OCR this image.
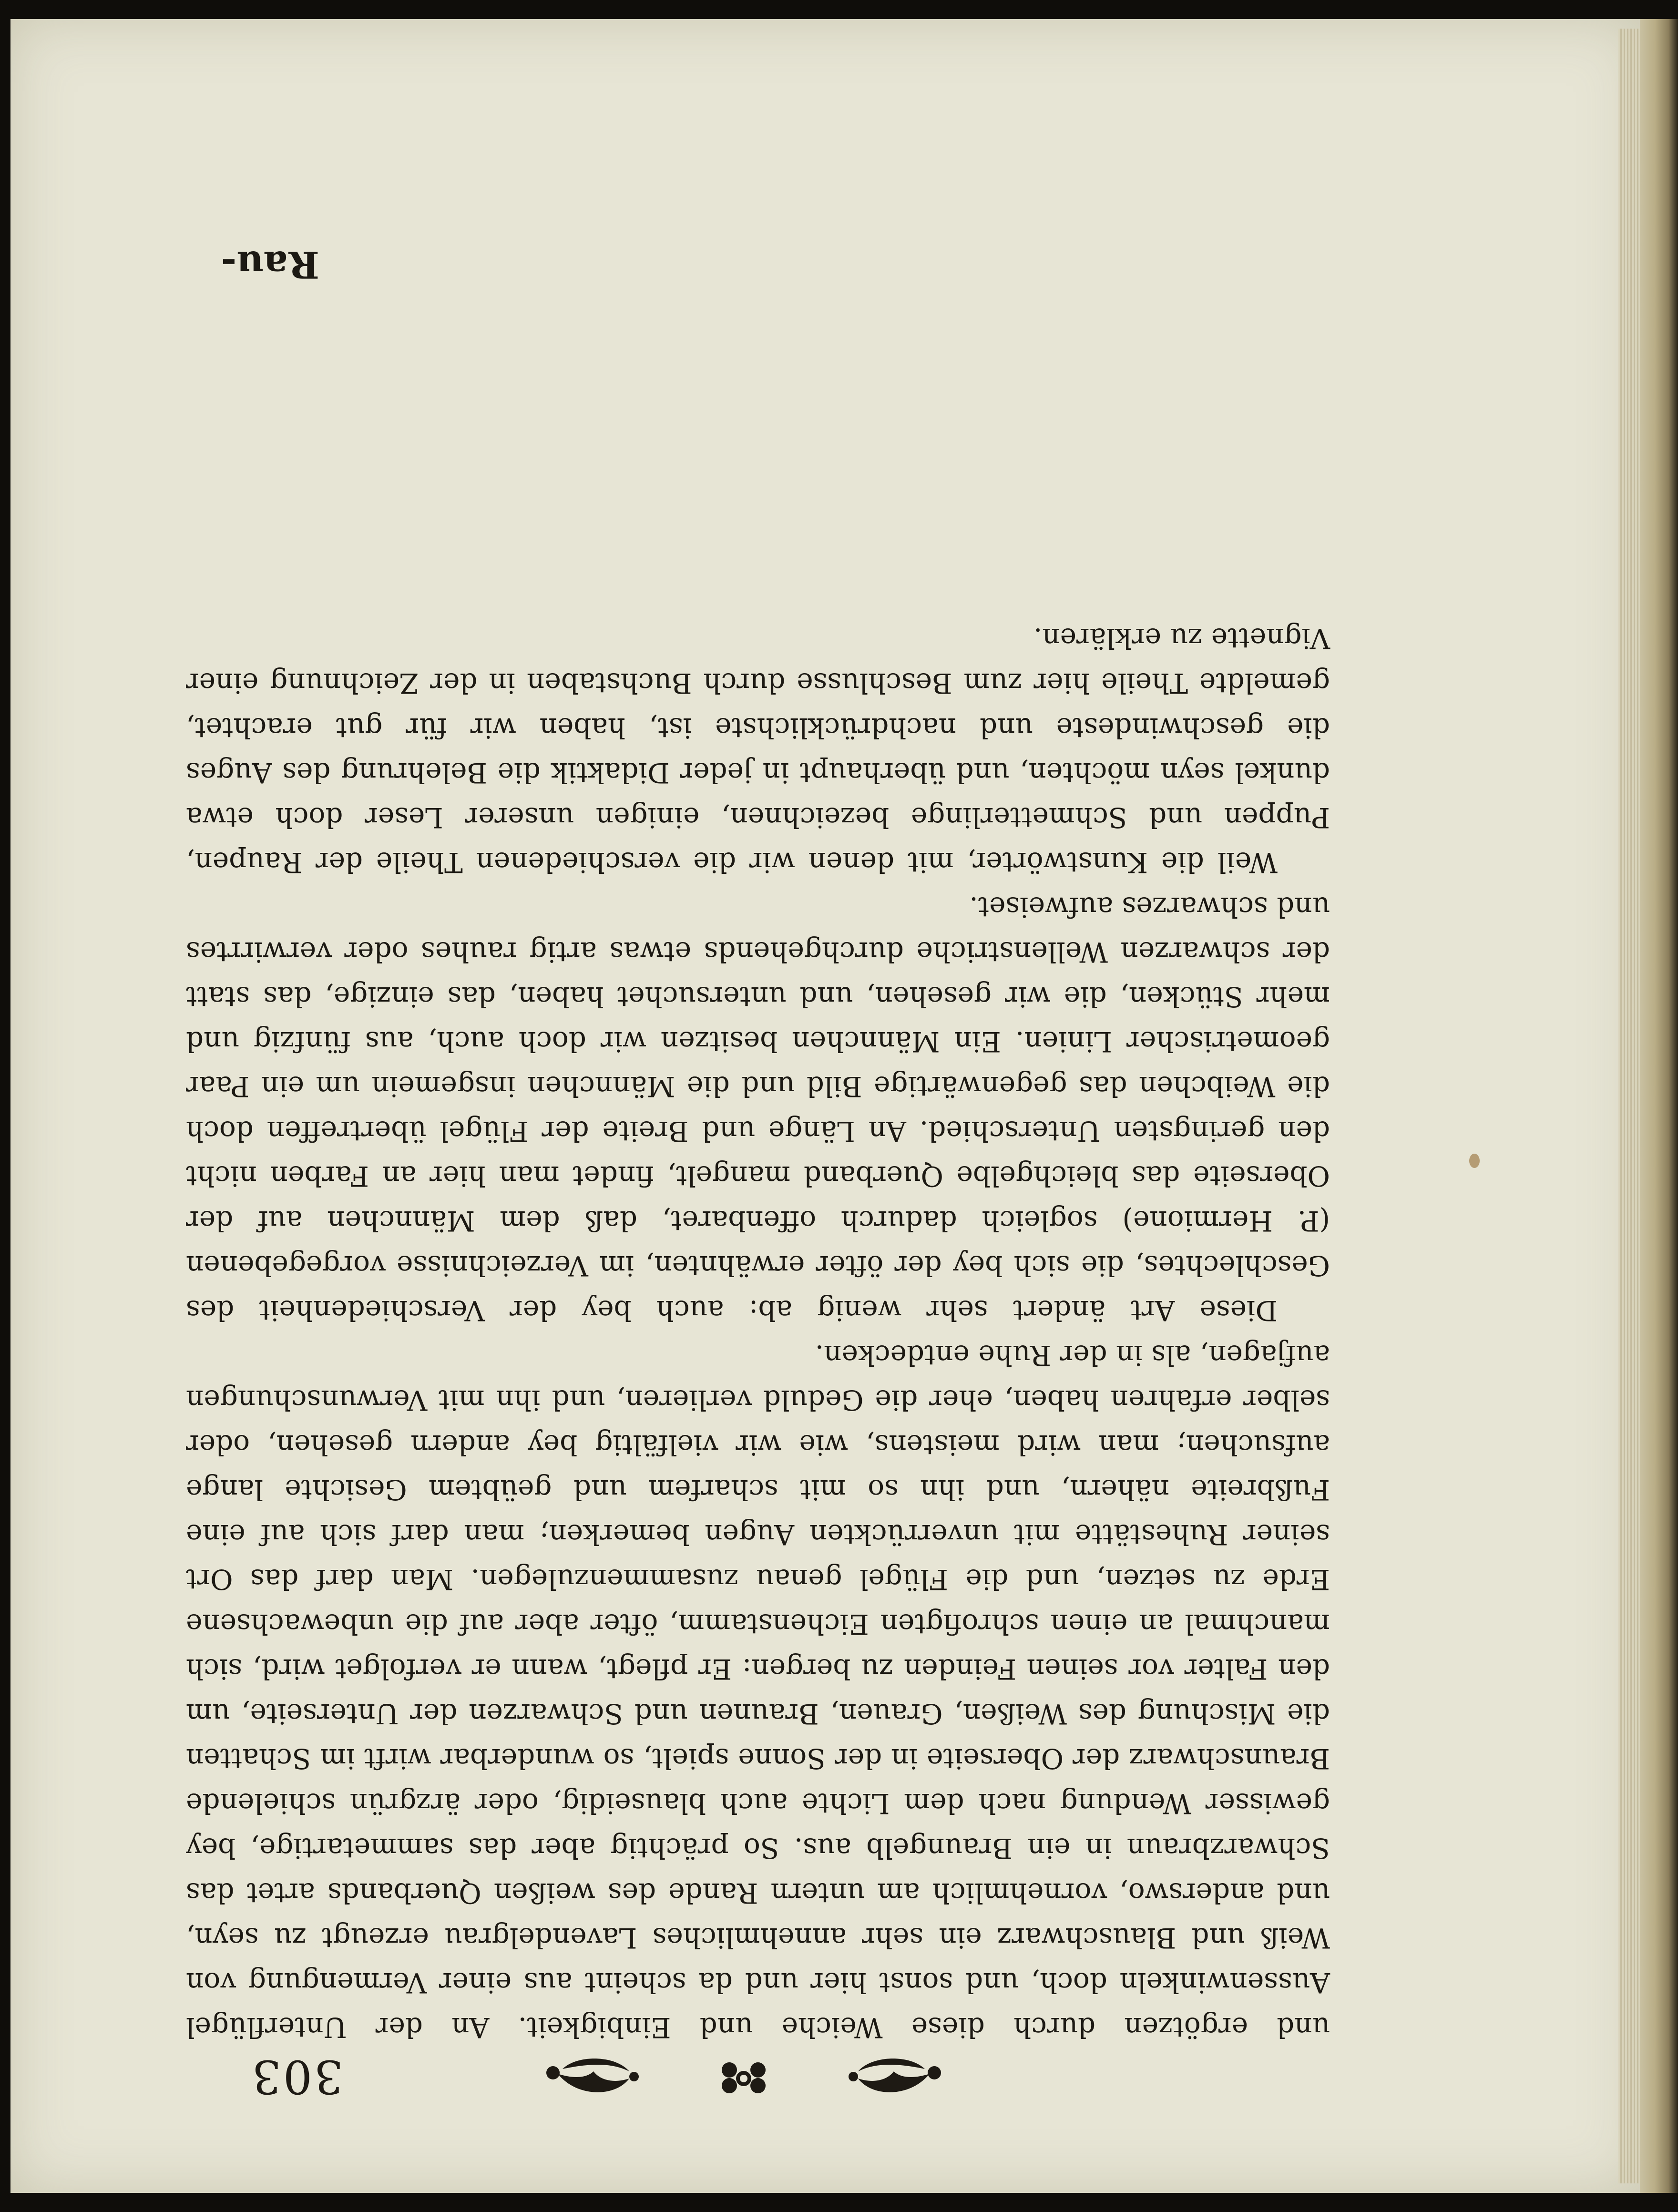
303

und ergötzen durch diese Weiche und Einbigkeit. An der Unterflügel Aussenwinkeln doch, und sonst hier und da scheint aus einer Vermengung von Weiß und Blauschwarz ein sehr annehmliches Lavendelgrau erzeugt zu seyn, und anderswo, vornehmlich am untern Rande des weißen Querbands artet das Schwarzbraun in ein Braungelb aus. So prächtig aber das sammetartige, bey gewisser Wendung nach dem Lichte auch blauseidig, oder ärzgrün schielende Braunschwarz der Oberseite in der Sonne spielt, so wunderbar wirft im Schatten die Mischung des Weißen, Grauen, Braunen und Schwarzen der Unterseite, um den Falter vor seinen Feinden zu bergen: Er pflegt, wann er verfolget wird, sich manchmal an einen schrofigten Eichenstamm, öfter aber auf die unbewachsene Erde zu setzen, und die Flügel genau zusammenzulegen. Man darf das Ort seiner Ruhestätte mit unverrückten Augen bemerken; man darf sich auf eine Fußbreite nähern, und ihn so mit scharfem und geübtem Gesichte lange aufsuchen; man wird meistens, wie wir vielfältig bey andern gesehen, oder selber erfahren haben, eher die Geduld verlieren, und ihn mit Verwunschungen aufjagen, als in der Ruhe entdecken.

Diese Art ändert sehr wenig ab: auch bey der Verschiedenheit des Geschlechtes, die sich bey der öfter erwähnten, im Verzeichnisse vorgegebenen (P. Hermione) sogleich dadurch offenbaret, daß dem Männchen auf der Oberseite das bleichgelbe Querband mangelt, findet man hier an Farben nicht den geringsten Unterschied. An Länge und Breite der Flügel übertreffen doch die Weibchen das gegenwärtige Bild und die Männchen insgemein um ein Paar geometrischer Linien. Ein Männchen besitzen wir doch auch, aus fünfzig und mehr Stücken, die wir gesehen, und untersuchet haben, das einzige, das statt der schwarzen Wellenstriche durchgehends etwas artig rauhes oder verwirrtes und schwarzes aufweiset.

Weil die Kunstwörter, mit denen wir die verschiedenen Theile der Raupen, Puppen und Schmetterlinge bezeichnen, einigen unserer Leser doch etwa dunkel seyn möchten, und überhaupt in jeder Didaktik die Belehrung des Auges die geschwindeste und nachdrücklichste ist, haben wir für gut erachtet, gemeldte Theile hier zum Beschlusse durch Buchstaben in der Zeichnung einer Vignette zu erklären.

Rau-
